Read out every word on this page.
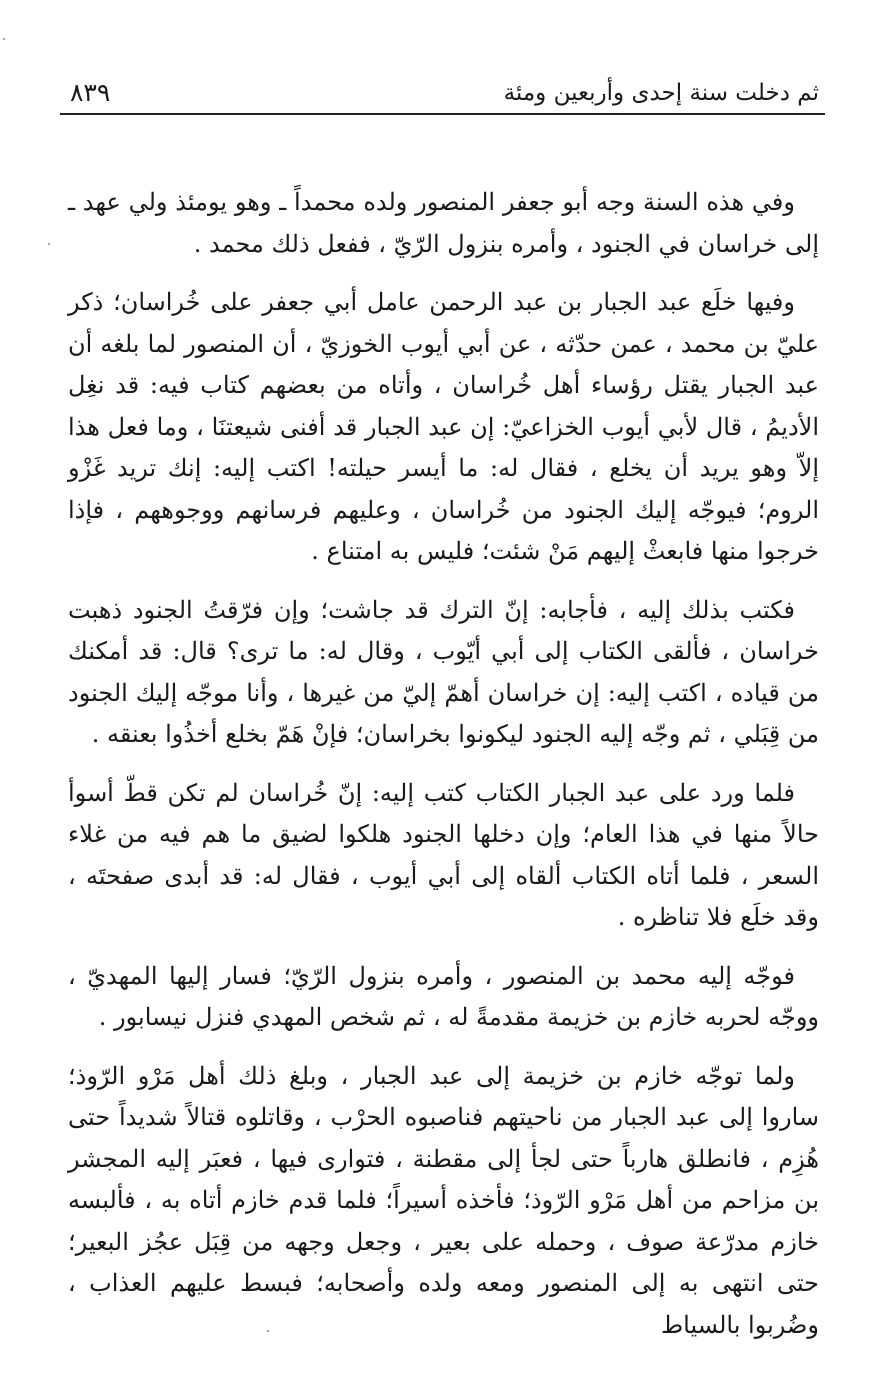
ثم دخلت سنة إحدى وأربعين ومئة
٨٣٩

وفي هذه السنة وجه أبو جعفر المنصور ولده محمداً ـ وهو يومئذ ولي عهد ـ إلى خراسان في الجنود ، وأمره بنزول الرّيّ ، ففعل ذلك محمد .

وفيها خلَع عبد الجبار بن عبد الرحمن عامل أبي جعفر على خُراسان؛ ذكر عليّ بن محمد ، عمن حدّثه ، عن أبي أيوب الخوزيّ ، أن المنصور لما بلغه أن عبد الجبار يقتل رؤساء أهل خُراسان ، وأتاه من بعضهم كتاب فيه: قد نغِل الأديمُ ، قال لأبي أيوب الخزاعيّ: إن عبد الجبار قد أفنى شيعتنَا ، وما فعل هذا إلاّ وهو يريد أن يخلع ، فقال له: ما أيسر حيلته! اكتب إليه: إنك تريد غَزْو الروم؛ فيوجّه إليك الجنود من خُراسان ، وعليهم فرسانهم ووجوههم ، فإذا خرجوا منها فابعثْ إليهم مَنْ شئت؛ فليس به امتناع .

فكتب بذلك إليه ، فأجابه: إنّ الترك قد جاشت؛ وإن فرّقتُ الجنود ذهبت خراسان ، فألقى الكتاب إلى أبي أيّوب ، وقال له: ما ترى؟ قال: قد أمكنك من قياده ، اكتب إليه: إن خراسان أهمّ إليّ من غيرها ، وأنا موجّه إليك الجنود من قِبَلي ، ثم وجّه إليه الجنود ليكونوا بخراسان؛ فإنْ هَمّ بخلع أخذُوا بعنقه .

فلما ورد على عبد الجبار الكتاب كتب إليه: إنّ خُراسان لم تكن قطّ أسوأ حالاً منها في هذا العام؛ وإن دخلها الجنود هلكوا لضيق ما هم فيه من غلاء السعر ، فلما أتاه الكتاب ألقاه إلى أبي أيوب ، فقال له: قد أبدى صفحتَه ، وقد خلَع فلا تناظره .

فوجّه إليه محمد بن المنصور ، وأمره بنزول الرّيّ؛ فسار إليها المهديّ ، ووجّه لحربه خازم بن خزيمة مقدمةً له ، ثم شخص المهدي فنزل نيسابور .

ولما توجّه خازم بن خزيمة إلى عبد الجبار ، وبلغ ذلك أهل مَرْو الرّوذ؛ ساروا إلى عبد الجبار من ناحيتهم فناصبوه الحرْب ، وقاتلوه قتالاً شديداً حتى هُزِم ، فانطلق هارباً حتى لجأ إلى مقطنة ، فتوارى فيها ، فعبَر إليه المجشر بن مزاحم من أهل مَرْو الرّوذ؛ فأخذه أسيراً؛ فلما قدم خازم أتاه به ، فألبسه خازم مدرّعة صوف ، وحمله على بعير ، وجعل وجهه من قِبَل عجُز البعير؛ حتى انتهى به إلى المنصور ومعه ولده وأصحابه؛ فبسط عليهم العذاب ، وضُربوا بالسياط
